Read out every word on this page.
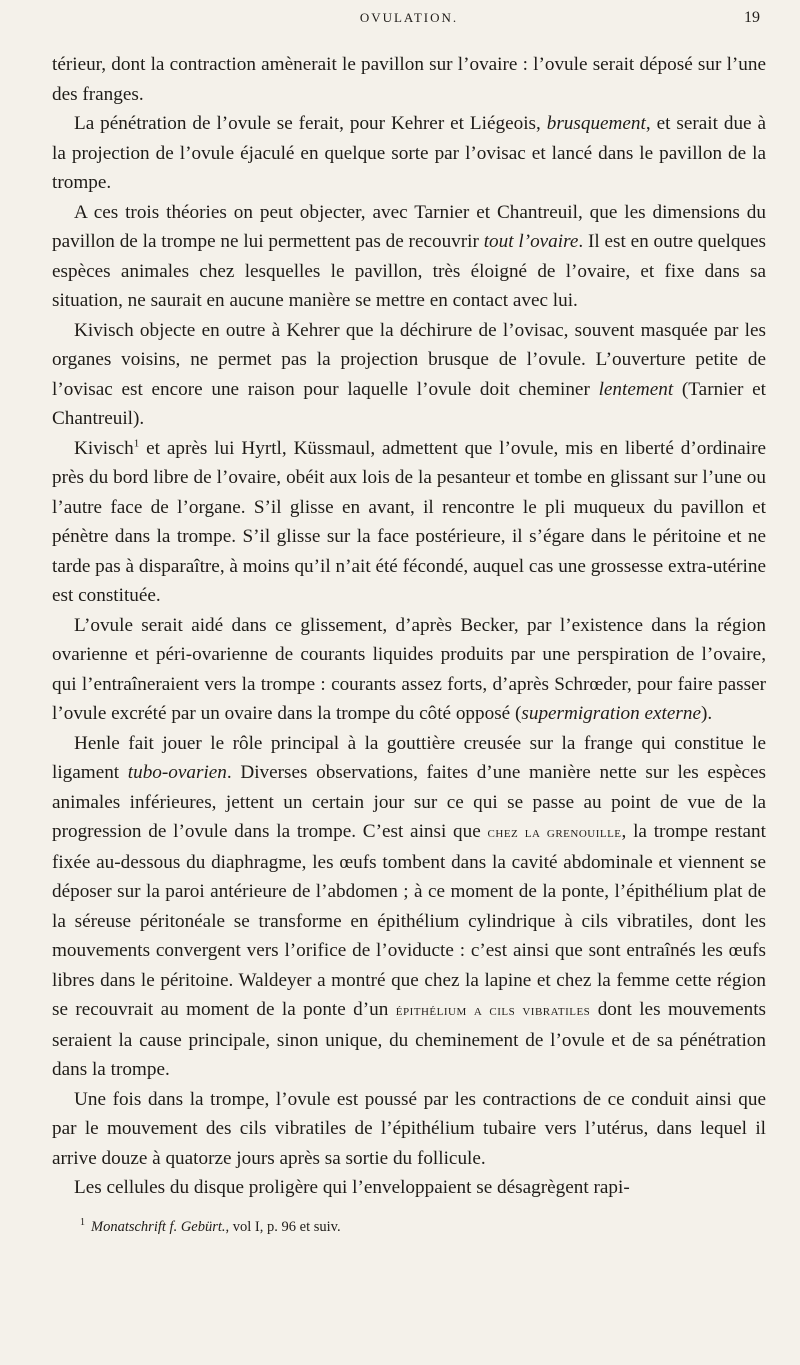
OVULATION.	19

térieur, dont la contraction amènerait le pavillon sur l’ovaire : l’ovule serait déposé sur l’une des franges.

La pénétration de l’ovule se ferait, pour Kehrer et Liégeois, brusquement, et serait due à la projection de l’ovule éjaculé en quelque sorte par l’ovisac et lancé dans le pavillon de la trompe.

A ces trois théories on peut objecter, avec Tarnier et Chantreuil, que les dimensions du pavillon de la trompe ne lui permettent pas de recouvrir tout l’ovaire. Il est en outre quelques espèces animales chez lesquelles le pavillon, très éloigné de l’ovaire, et fixe dans sa situation, ne saurait en aucune manière se mettre en contact avec lui.

Kivisch objecte en outre à Kehrer que la déchirure de l’ovisac, souvent masquée par les organes voisins, ne permet pas la projection brusque de l’ovule. L’ouverture petite de l’ovisac est encore une raison pour laquelle l’ovule doit cheminer lentement (Tarnier et Chantreuil).

Kivisch$^1$ et après lui Hyrtl, Küssmaul, admettent que l’ovule, mis en liberté d’ordinaire près du bord libre de l’ovaire, obéit aux lois de la pesanteur et tombe en glissant sur l’une ou l’autre face de l’organe. S’il glisse en avant, il rencontre le pli muqueux du pavillon et pénètre dans la trompe. S’il glisse sur la face postérieure, il s’égare dans le péritoine et ne tarde pas à disparaître, à moins qu’il n’ait été fécondé, auquel cas une grossesse extra-utérine est constituée.

L’ovule serait aidé dans ce glissement, d’après Becker, par l’existence dans la région ovarienne et péri-ovarienne de courants liquides produits par une perspiration de l’ovaire, qui l’entraîneraient vers la trompe : courants assez forts, d’après Schrœder, pour faire passer l’ovule excrété par un ovaire dans la trompe du côté opposé (supermigration externe).

Henle fait jouer le rôle principal à la gouttière creusée sur la frange qui constitue le ligament tubo-ovarien. Diverses observations, faites d’une manière nette sur les espèces animales inférieures, jettent un certain jour sur ce qui se passe au point de vue de la progression de l’ovule dans la trompe. C’est ainsi que chez la grenouille, la trompe restant fixée au-dessous du diaphragme, les œufs tombent dans la cavité abdominale et viennent se déposer sur la paroi antérieure de l’abdomen ; à ce moment de la ponte, l’épithélium plat de la séreuse péritonéale se transforme en épithélium cylindrique à cils vibratiles, dont les mouvements convergent vers l’orifice de l’oviducte : c’est ainsi que sont entraînés les œufs libres dans le péritoine. Waldeyer a montré que chez la lapine et chez la femme cette région se recouvrait au moment de la ponte d’un épithélium a cils vibratiles dont les mouvements seraient la cause principale, sinon unique, du cheminement de l’ovule et de sa pénétration dans la trompe.

Une fois dans la trompe, l’ovule est poussé par les contractions de ce conduit ainsi que par le mouvement des cils vibratiles de l’épithélium tubaire vers l’utérus, dans lequel il arrive douze à quatorze jours après sa sortie du follicule.

Les cellules du disque proligère qui l’enveloppaient se désagrègent rapi-

$^1$ Monatschrift f. Gebürt., vol I, p. 96 et suiv.
